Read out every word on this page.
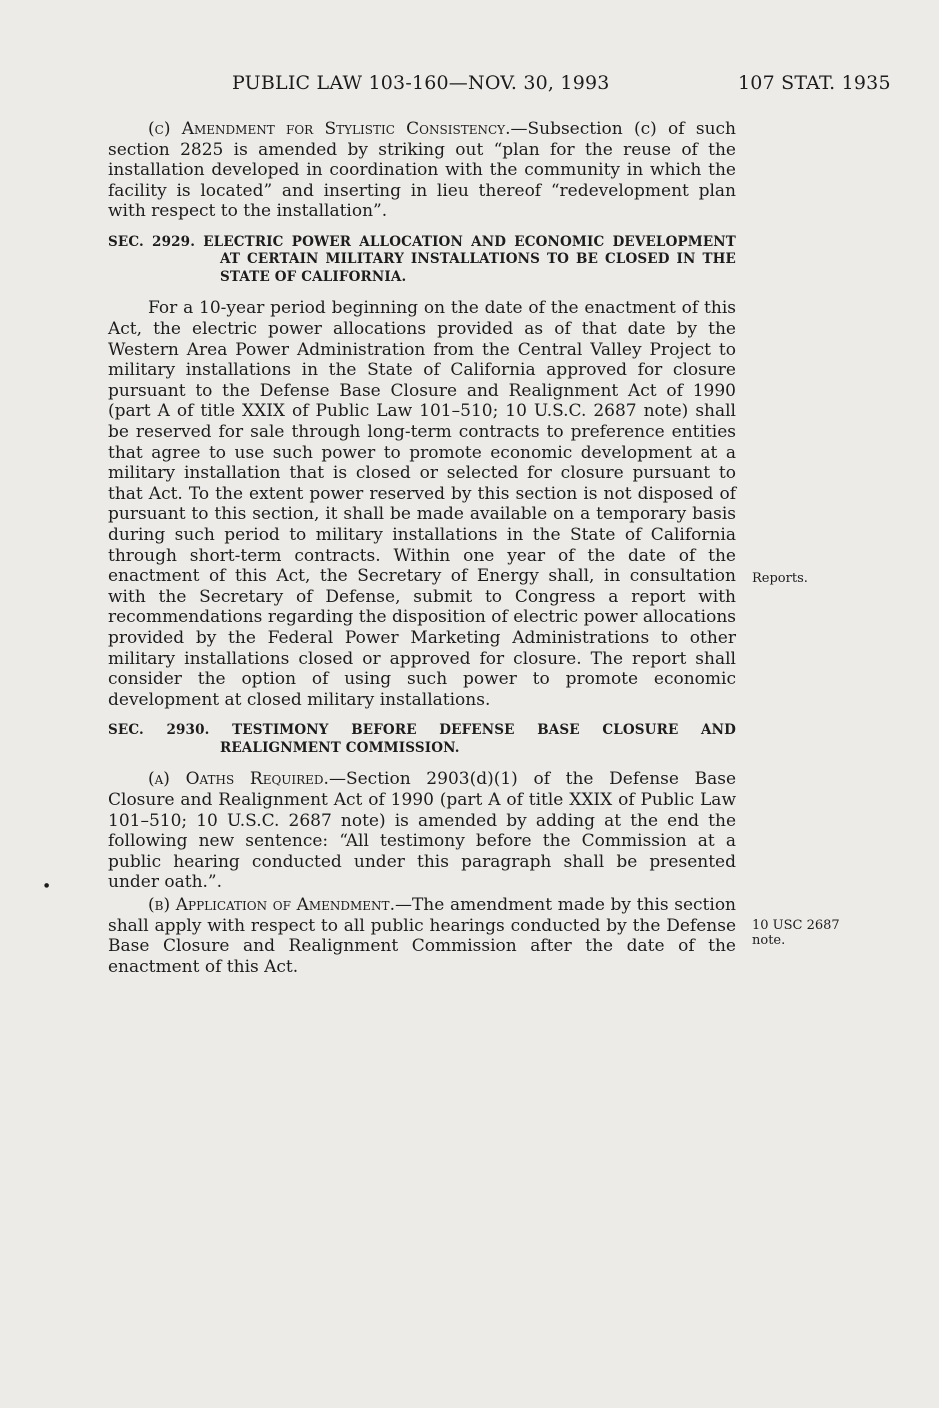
PUBLIC LAW 103-160—NOV. 30, 1993	107 STAT. 1935

(c) Amendment for Stylistic Consistency.—Subsection (c) of such section 2825 is amended by striking out “plan for the reuse of the installation developed in coordination with the community in which the facility is located” and inserting in lieu thereof “redevelopment plan with respect to the installation”.

SEC. 2929. ELECTRIC POWER ALLOCATION AND ECONOMIC DEVELOPMENT AT CERTAIN MILITARY INSTALLATIONS TO BE CLOSED IN THE STATE OF CALIFORNIA.

For a 10-year period beginning on the date of the enactment of this Act, the electric power allocations provided as of that date by the Western Area Power Administration from the Central Valley Project to military installations in the State of California approved for closure pursuant to the Defense Base Closure and Realignment Act of 1990 (part A of title XXIX of Public Law 101–510; 10 U.S.C. 2687 note) shall be reserved for sale through long-term contracts to preference entities that agree to use such power to promote economic development at a military installation that is closed or selected for closure pursuant to that Act. To the extent power reserved by this section is not disposed of pursuant to this section, it shall be made available on a temporary basis during such period to military installations in the State of California through short-term contracts. Within one year of the date of the enactment of this Act, the Secretary of Energy shall, in consultation with the Secretary of Defense, submit to Congress a report with recommendations regarding the disposition of electric power allocations provided by the Federal Power Marketing Administrations to other military installations closed or approved for closure. The report shall consider the option of using such power to promote economic development at closed military installations.

SEC. 2930. TESTIMONY BEFORE DEFENSE BASE CLOSURE AND REALIGNMENT COMMISSION.

(a) Oaths Required.—Section 2903(d)(1) of the Defense Base Closure and Realignment Act of 1990 (part A of title XXIX of Public Law 101–510; 10 U.S.C. 2687 note) is amended by adding at the end the following new sentence: “All testimony before the Commission at a public hearing conducted under this paragraph shall be presented under oath.”.

(b) Application of Amendment.—The amendment made by this section shall apply with respect to all public hearings conducted by the Defense Base Closure and Realignment Commission after the date of the enactment of this Act.

Reports.
10 USC 2687
note.
●
